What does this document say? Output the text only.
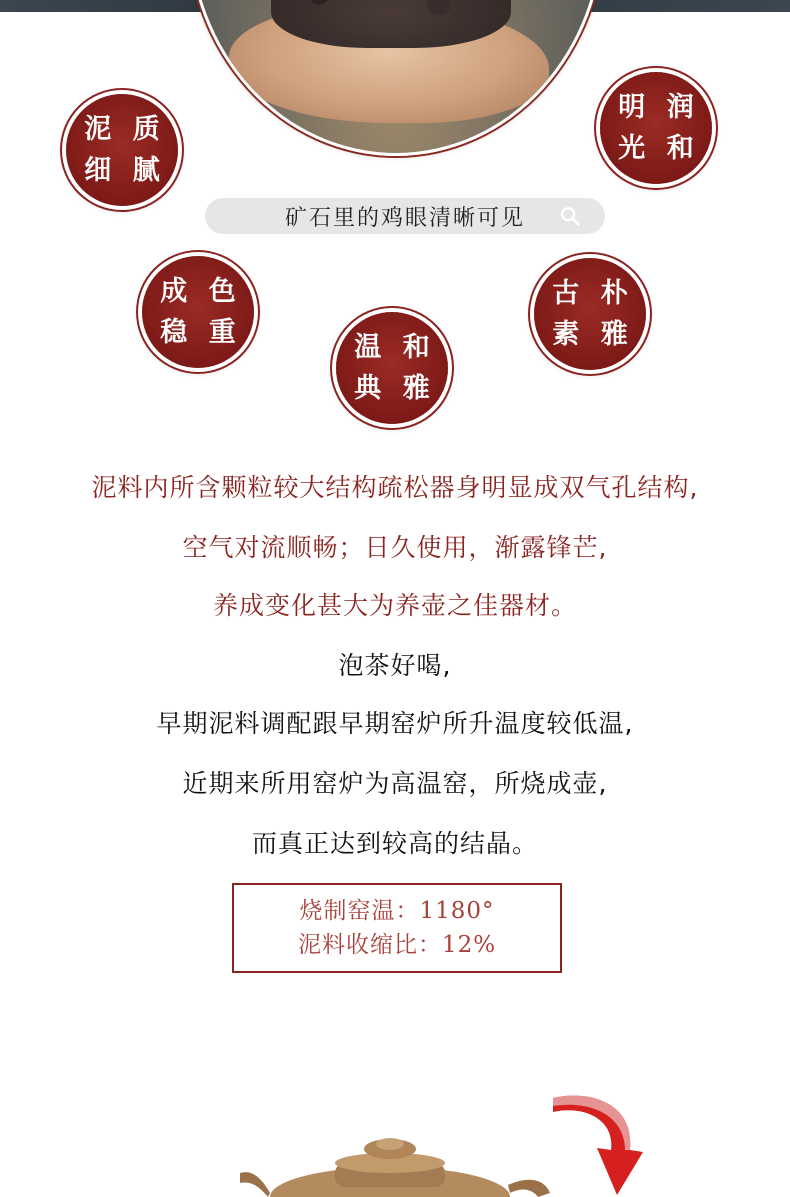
泥 质
细 腻
明 润
光 和
矿石里的鸡眼清晰可见
成 色
稳 重
古 朴
素 雅
温 和
典 雅
泥料内所含颗粒较大结构疏松器身明显成双气孔结构,
空气对流顺畅；日久使用，渐露锋芒,
养成变化甚大为养壶之佳器材。
泡茶好喝,
早期泥料调配跟早期窑炉所升温度较低温,
近期来所用窑炉为高温窑，所烧成壶,
而真正达到较高的结晶。
烧制窑温：1180°
泥料收缩比：12%
